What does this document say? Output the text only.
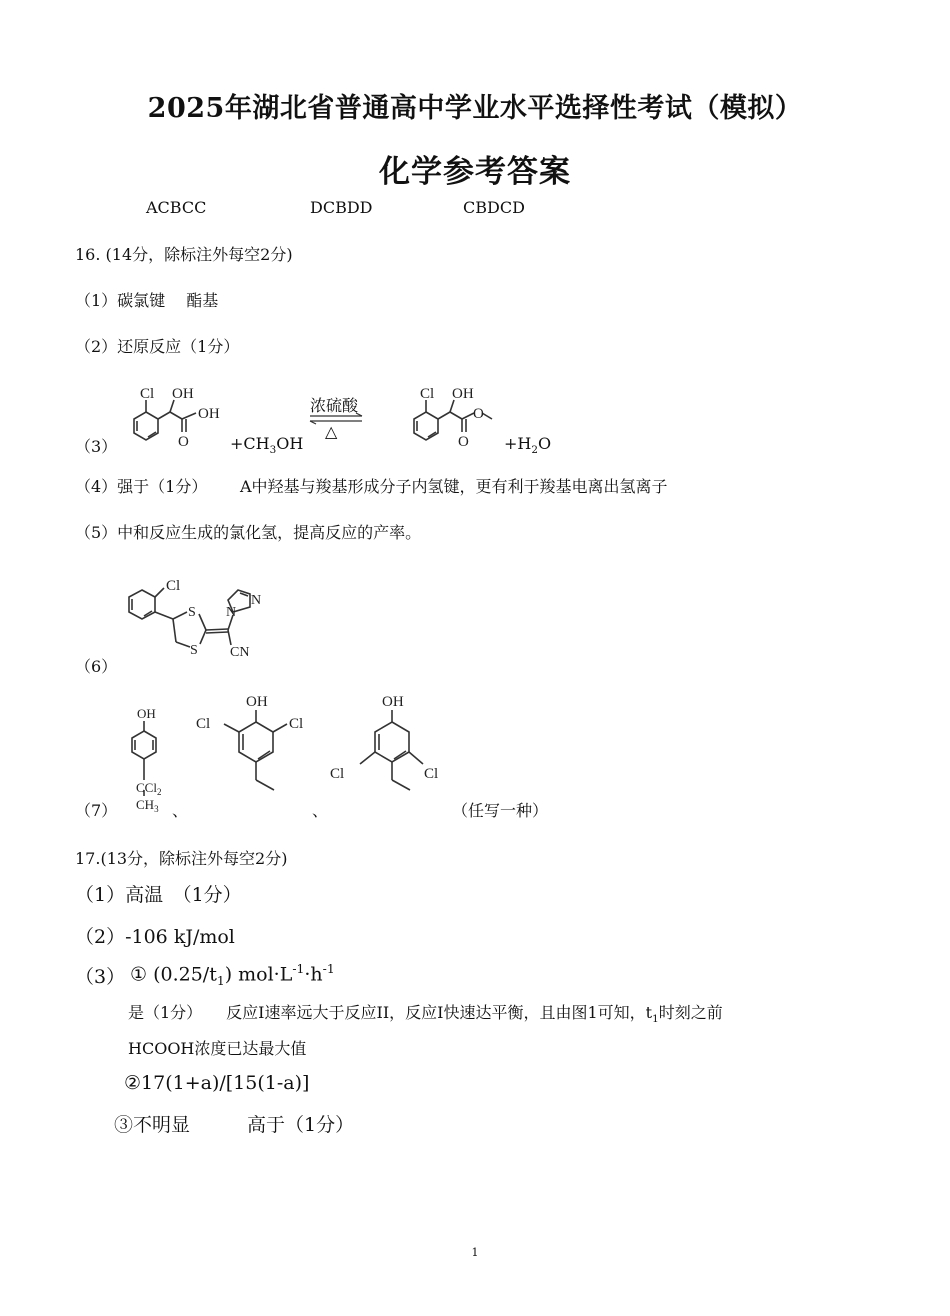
2025年湖北省普通高中学业水平选择性考试（模拟）
化学参考答案
ACBCC	DCBDD	CBDCD
16. (14分，除标注外每空2分)
（1）碳氯键　 酯基
（2）还原反应（1分）
（3）
Cl OH
O
OH
$+CH_3OH$
浓硫酸
△
Cl OH
O
O
$+H_2O$
（4）强于（1分） A中羟基与羧基形成分子内氢键，更有利于羧基电离出氢离子
（5）中和反应生成的氯化氢，提高反应的产率。
Cl
S
S
N
N
CN
（6）
（7）
OH
CCl$_2$
$CH_3$ 、
OH
Cl	Cl
、
OH
Cl	Cl
（任写一种）
17.(13分，除标注外每空2分)
（1）高温　（1分）
（2）-106 kJ/mol
（3） ① $(0.25/t_1)$ $mol\cdot L^{-1}\cdot h^{-1}$
是（1分）　　反应I速率远大于反应II，反应I快速达平衡，且由图1可知，$t_1$时刻之前
HCOOH浓度已达最大值
②17(1+a)/[15(1-a)]
③不明显　　　高于（1分）
1
